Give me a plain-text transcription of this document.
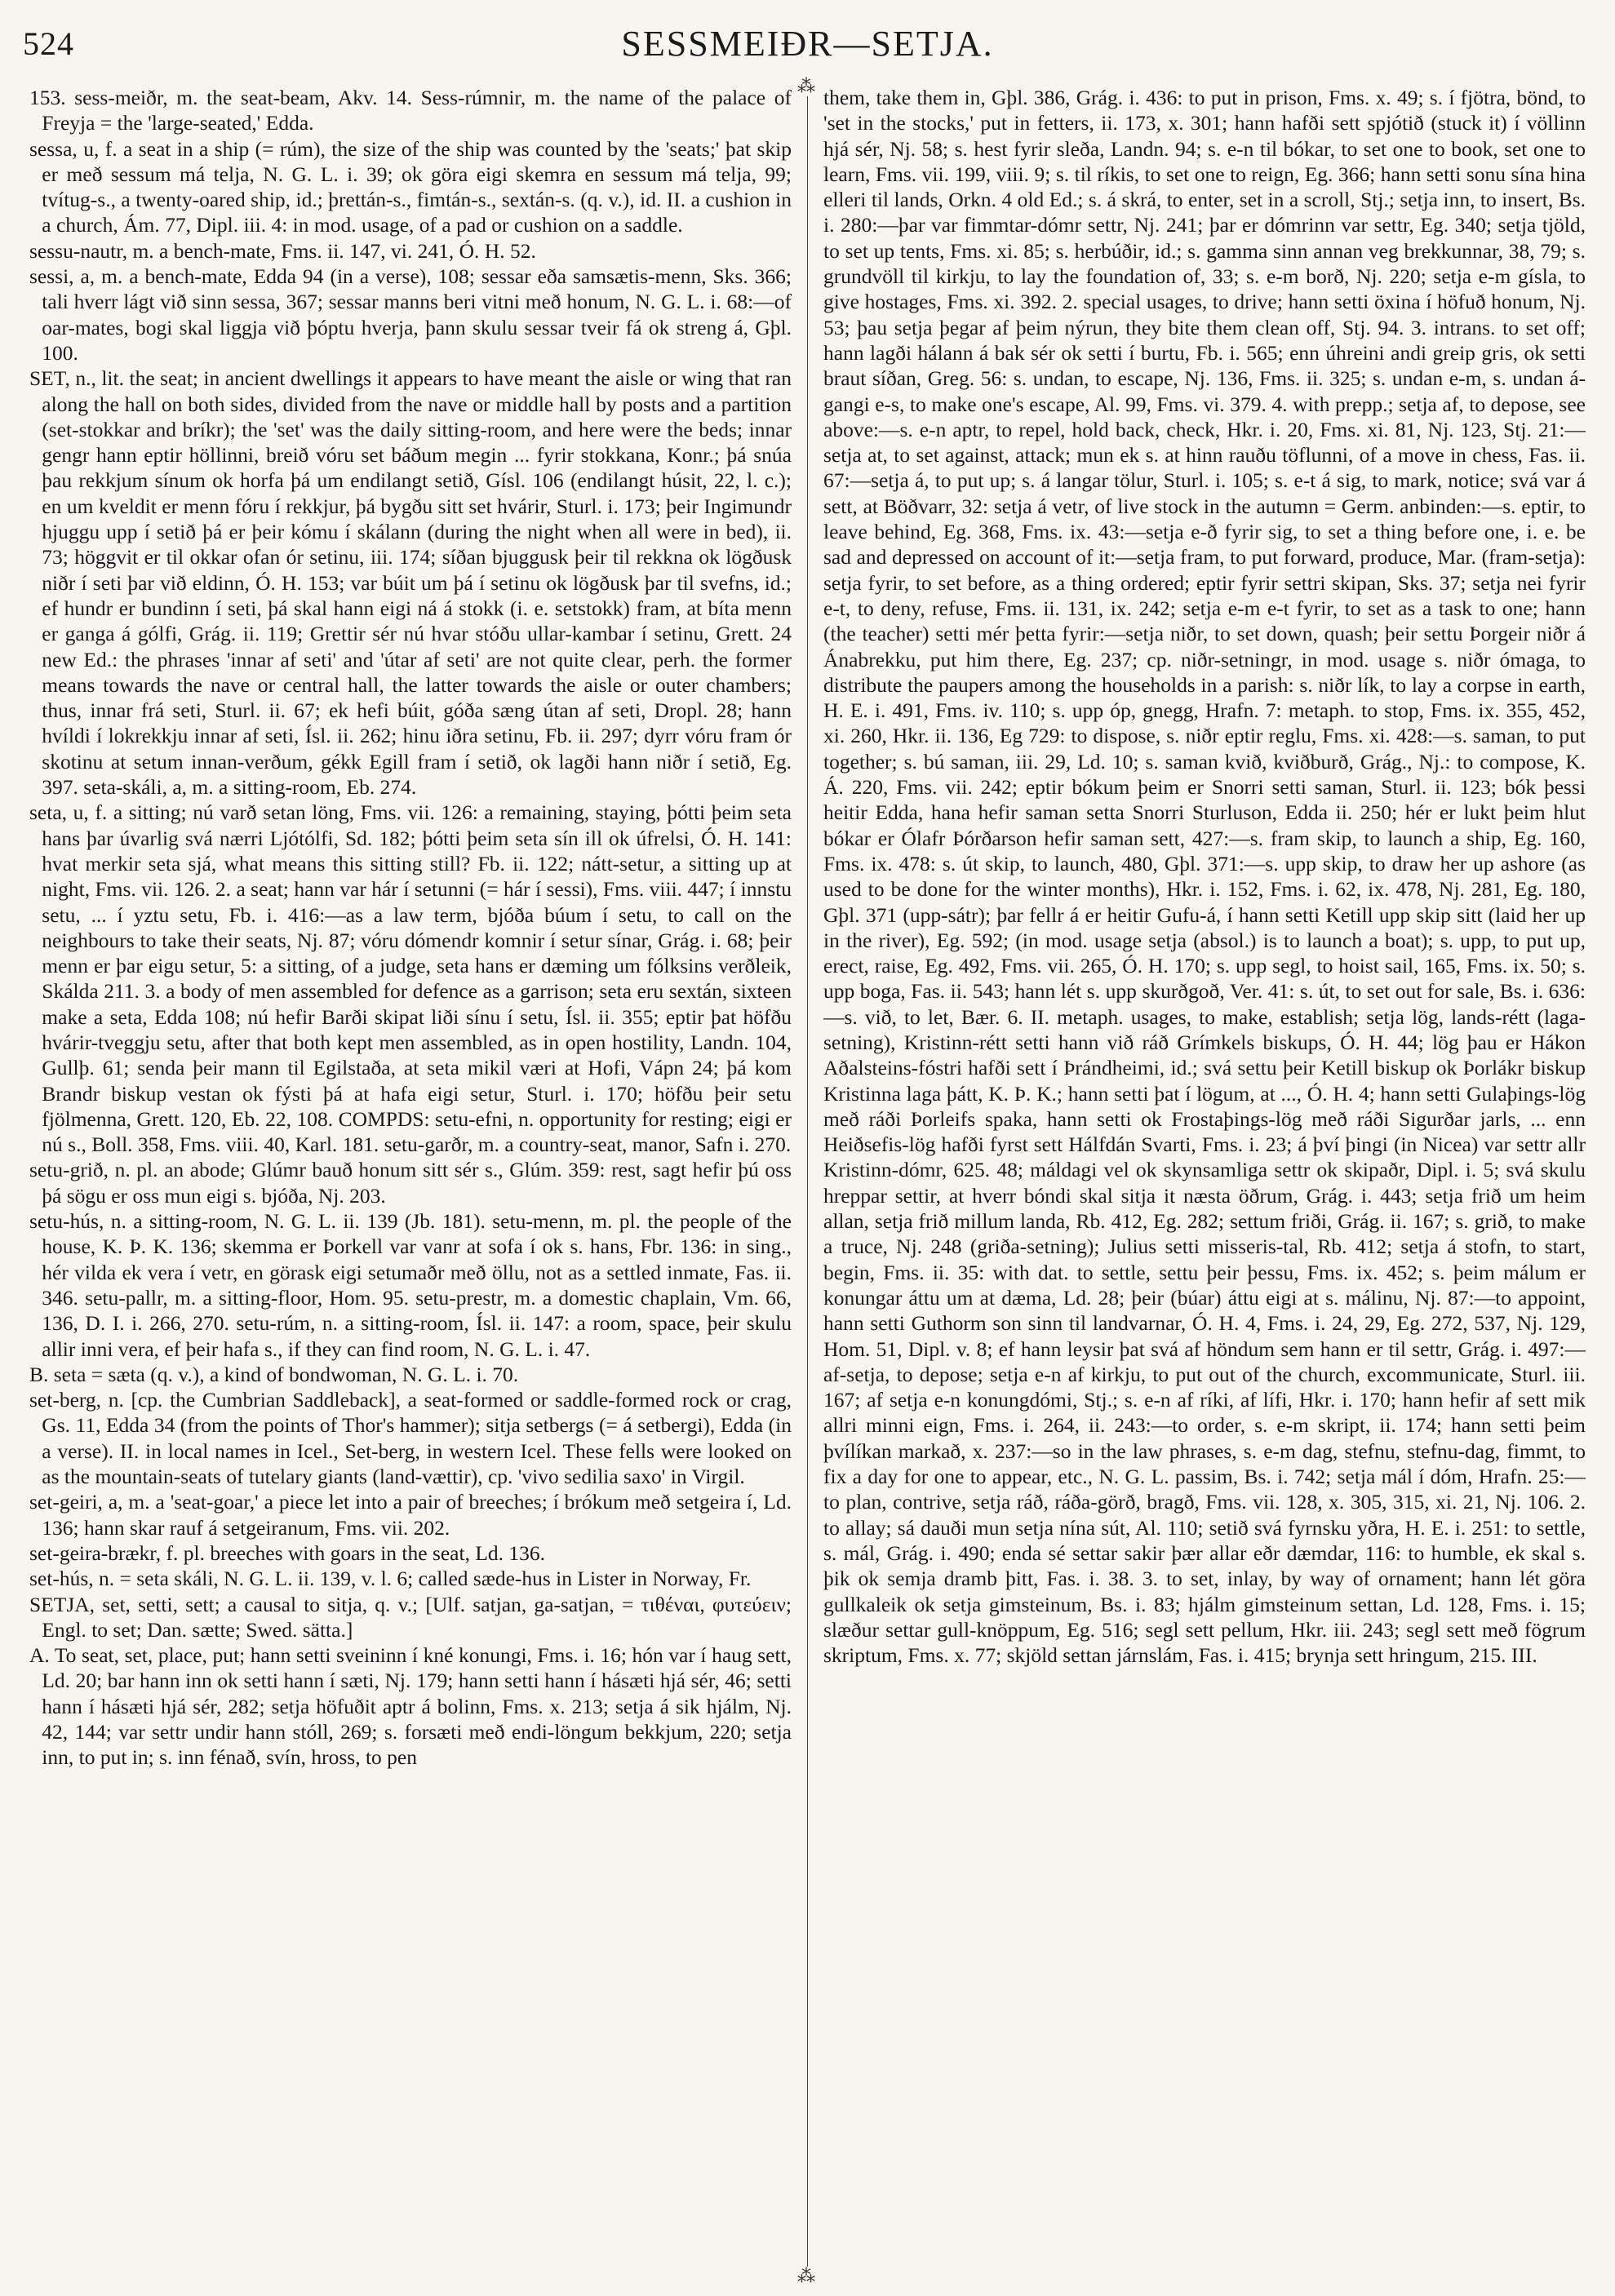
524	SESSMEIÐR—SETJA.
⁂
⁂

153. sess-meiðr, m. the seat-beam, Akv. 14. Sess-rúmnir, m. the name of the palace of Freyja = the 'large-seated,' Edda.

sessa, u, f. a seat in a ship (= rúm), the size of the ship was counted by the 'seats;' þat skip er með sessum má telja, N. G. L. i. 39; ok göra eigi skemra en sessum má telja, 99; tvítug-s., a twenty-oared ship, id.; þrettán-s., fimtán-s., sextán-s. (q. v.), id. II. a cushion in a church, Ám. 77, Dipl. iii. 4: in mod. usage, of a pad or cushion on a saddle.

sessu-nautr, m. a bench-mate, Fms. ii. 147, vi. 241, Ó. H. 52.

sessi, a, m. a bench-mate, Edda 94 (in a verse), 108; sessar eða samsætis-menn, Sks. 366; tali hverr lágt við sinn sessa, 367; sessar manns beri vitni með honum, N. G. L. i. 68:—of oar-mates, bogi skal liggja við þóptu hverja, þann skulu sessar tveir fá ok streng á, Gþl. 100.

SET, n., lit. the seat; in ancient dwellings it appears to have meant the aisle or wing that ran along the hall on both sides, divided from the nave or middle hall by posts and a partition (set-stokkar and bríkr); the 'set' was the daily sitting-room, and here were the beds; innar gengr hann eptir höllinni, breið vóru set báðum megin ... fyrir stokkana, Konr.; þá snúa þau rekkjum sínum ok horfa þá um endilangt setið, Gísl. 106 (endilangt húsit, 22, l. c.); en um kveldit er menn fóru í rekkjur, þá bygðu sitt set hvárir, Sturl. i. 173; þeir Ingimundr hjuggu upp í setið þá er þeir kómu í skálann (during the night when all were in bed), ii. 73; höggvit er til okkar ofan ór setinu, iii. 174; síðan bjuggusk þeir til rekkna ok lögðusk niðr í seti þar við eldinn, Ó. H. 153; var búit um þá í setinu ok lögðusk þar til svefns, id.; ef hundr er bundinn í seti, þá skal hann eigi ná á stokk (i. e. setstokk) fram, at bíta menn er ganga á gólfi, Grág. ii. 119; Grettir sér nú hvar stóðu ullar-kambar í setinu, Grett. 24 new Ed.: the phrases 'innar af seti' and 'útar af seti' are not quite clear, perh. the former means towards the nave or central hall, the latter towards the aisle or outer chambers; thus, innar frá seti, Sturl. ii. 67; ek hefi búit, góða sæng útan af seti, Dropl. 28; hann hvíldi í lokrekkju innar af seti, Ísl. ii. 262; hinu iðra setinu, Fb. ii. 297; dyrr vóru fram ór skotinu at setum innan-verðum, gékk Egill fram í setið, ok lagði hann niðr í setið, Eg. 397. seta-skáli, a, m. a sitting-room, Eb. 274.

seta, u, f. a sitting; nú varð setan löng, Fms. vii. 126: a remaining, staying, þótti þeim seta hans þar úvarlig svá nærri Ljótólfi, Sd. 182; þótti þeim seta sín ill ok úfrelsi, Ó. H. 141: hvat merkir seta sjá, what means this sitting still? Fb. ii. 122; nátt-setur, a sitting up at night, Fms. vii. 126. 2. a seat; hann var hár í setunni (= hár í sessi), Fms. viii. 447; í innstu setu, ... í yztu setu, Fb. i. 416:—as a law term, bjóða búum í setu, to call on the neighbours to take their seats, Nj. 87; vóru dómendr komnir í setur sínar, Grág. i. 68; þeir menn er þar eigu setur, 5: a sitting, of a judge, seta hans er dæming um fólksins verðleik, Skálda 211. 3. a body of men assembled for defence as a garrison; seta eru sextán, sixteen make a seta, Edda 108; nú hefir Barði skipat liði sínu í setu, Ísl. ii. 355; eptir þat höfðu hvárir-tveggju setu, after that both kept men assembled, as in open hostility, Landn. 104, Gullþ. 61; senda þeir mann til Egilstaða, at seta mikil væri at Hofi, Vápn 24; þá kom Brandr biskup vestan ok fýsti þá at hafa eigi setur, Sturl. i. 170; höfðu þeir setu fjölmenna, Grett. 120, Eb. 22, 108. COMPDS: setu-efni, n. opportunity for resting; eigi er nú s., Boll. 358, Fms. viii. 40, Karl. 181. setu-garðr, m. a country-seat, manor, Safn i. 270.

setu-grið, n. pl. an abode; Glúmr bauð honum sitt sér s., Glúm. 359: rest, sagt hefir þú oss þá sögu er oss mun eigi s. bjóða, Nj. 203.

setu-hús, n. a sitting-room, N. G. L. ii. 139 (Jb. 181). setu-menn, m. pl. the people of the house, K. Þ. K. 136; skemma er Þorkell var vanr at sofa í ok s. hans, Fbr. 136: in sing., hér vilda ek vera í vetr, en görask eigi setumaðr með öllu, not as a settled inmate, Fas. ii. 346. setu-pallr, m. a sitting-floor, Hom. 95. setu-prestr, m. a domestic chaplain, Vm. 66, 136, D. I. i. 266, 270. setu-rúm, n. a sitting-room, Ísl. ii. 147: a room, space, þeir skulu allir inni vera, ef þeir hafa s., if they can find room, N. G. L. i. 47.

B. seta = sæta (q. v.), a kind of bondwoman, N. G. L. i. 70.

set-berg, n. [cp. the Cumbrian Saddleback], a seat-formed or saddle-formed rock or crag, Gs. 11, Edda 34 (from the points of Thor's hammer); sitja setbergs (= á setbergi), Edda (in a verse). II. in local names in Icel., Set-berg, in western Icel. These fells were looked on as the mountain-seats of tutelary giants (land-vættir), cp. 'vivo sedilia saxo' in Virgil.

set-geiri, a, m. a 'seat-goar,' a piece let into a pair of breeches; í brókum með setgeira í, Ld. 136; hann skar rauf á setgeiranum, Fms. vii. 202.

set-geira-brækr, f. pl. breeches with goars in the seat, Ld. 136.

set-hús, n. = seta skáli, N. G. L. ii. 139, v. l. 6; called sæde-hus in Lister in Norway, Fr.

SETJA, set, setti, sett; a causal to sitja, q. v.; [Ulf. satjan, ga-satjan, = τιθέναι, φυτεύειν; Engl. to set; Dan. sætte; Swed. sätta.]

A. To seat, set, place, put; hann setti sveininn í kné konungi, Fms. i. 16; hón var í haug sett, Ld. 20; bar hann inn ok setti hann í sæti, Nj. 179; hann setti hann í hásæti hjá sér, 46; setti hann í hásæti hjá sér, 282; setja höfuðit aptr á bolinn, Fms. x. 213; setja á sik hjálm, Nj. 42, 144; var settr undir hann stóll, 269; s. forsæti með endi-löngum bekkjum, 220; setja inn, to put in; s. inn fénað, svín, hross, to pen

them, take them in, Gþl. 386, Grág. i. 436: to put in prison, Fms. x. 49; s. í fjötra, bönd, to 'set in the stocks,' put in fetters, ii. 173, x. 301; hann hafði sett spjótið (stuck it) í völlinn hjá sér, Nj. 58; s. hest fyrir sleða, Landn. 94; s. e-n til bókar, to set one to book, set one to learn, Fms. vii. 199, viii. 9; s. til ríkis, to set one to reign, Eg. 366; hann setti sonu sína hina elleri til lands, Orkn. 4 old Ed.; s. á skrá, to enter, set in a scroll, Stj.; setja inn, to insert, Bs. i. 280:—þar var fimmtar-dómr settr, Nj. 241; þar er dómrinn var settr, Eg. 340; setja tjöld, to set up tents, Fms. xi. 85; s. herbúðir, id.; s. gamma sinn annan veg brekkunnar, 38, 79; s. grundvöll til kirkju, to lay the foundation of, 33; s. e-m borð, Nj. 220; setja e-m gísla, to give hostages, Fms. xi. 392. 2. special usages, to drive; hann setti öxina í höfuð honum, Nj. 53; þau setja þegar af þeim nýrun, they bite them clean off, Stj. 94. 3. intrans. to set off; hann lagði hálann á bak sér ok setti í burtu, Fb. i. 565; enn úhreini andi greip gris, ok setti braut síðan, Greg. 56: s. undan, to escape, Nj. 136, Fms. ii. 325; s. undan e-m, s. undan á-gangi e-s, to make one's escape, Al. 99, Fms. vi. 379. 4. with prepp.; setja af, to depose, see above:—s. e-n aptr, to repel, hold back, check, Hkr. i. 20, Fms. xi. 81, Nj. 123, Stj. 21:—setja at, to set against, attack; mun ek s. at hinn rauðu töflunni, of a move in chess, Fas. ii. 67:—setja á, to put up; s. á langar tölur, Sturl. i. 105; s. e-t á sig, to mark, notice; svá var á sett, at Böðvarr, 32: setja á vetr, of live stock in the autumn = Germ. anbinden:—s. eptir, to leave behind, Eg. 368, Fms. ix. 43:—setja e-ð fyrir sig, to set a thing before one, i. e. be sad and depressed on account of it:—setja fram, to put forward, produce, Mar. (fram-setja): setja fyrir, to set before, as a thing ordered; eptir fyrir settri skipan, Sks. 37; setja nei fyrir e-t, to deny, refuse, Fms. ii. 131, ix. 242; setja e-m e-t fyrir, to set as a task to one; hann (the teacher) setti mér þetta fyrir:—setja niðr, to set down, quash; þeir settu Þorgeir niðr á Ánabrekku, put him there, Eg. 237; cp. niðr-setningr, in mod. usage s. niðr ómaga, to distribute the paupers among the households in a parish: s. niðr lík, to lay a corpse in earth, H. E. i. 491, Fms. iv. 110; s. upp óp, gnegg, Hrafn. 7: metaph. to stop, Fms. ix. 355, 452, xi. 260, Hkr. ii. 136, Eg 729: to dispose, s. niðr eptir reglu, Fms. xi. 428:—s. saman, to put together; s. bú saman, iii. 29, Ld. 10; s. saman kvið, kviðburð, Grág., Nj.: to compose, K. Á. 220, Fms. vii. 242; eptir bókum þeim er Snorri setti saman, Sturl. ii. 123; bók þessi heitir Edda, hana hefir saman setta Snorri Sturluson, Edda ii. 250; hér er lukt þeim hlut bókar er Ólafr Þórðarson hefir saman sett, 427:—s. fram skip, to launch a ship, Eg. 160, Fms. ix. 478: s. út skip, to launch, 480, Gþl. 371:—s. upp skip, to draw her up ashore (as used to be done for the winter months), Hkr. i. 152, Fms. i. 62, ix. 478, Nj. 281, Eg. 180, Gþl. 371 (upp-sátr); þar fellr á er heitir Gufu-á, í hann setti Ketill upp skip sitt (laid her up in the river), Eg. 592; (in mod. usage setja (absol.) is to launch a boat); s. upp, to put up, erect, raise, Eg. 492, Fms. vii. 265, Ó. H. 170; s. upp segl, to hoist sail, 165, Fms. ix. 50; s. upp boga, Fas. ii. 543; hann lét s. upp skurðgoð, Ver. 41: s. út, to set out for sale, Bs. i. 636:—s. við, to let, Bær. 6. II. metaph. usages, to make, establish; setja lög, lands-rétt (laga-setning), Kristinn-rétt setti hann við ráð Grímkels biskups, Ó. H. 44; lög þau er Hákon Aðalsteins-fóstri hafði sett í Þrándheimi, id.; svá settu þeir Ketill biskup ok Þorlákr biskup Kristinna laga þátt, K. Þ. K.; hann setti þat í lögum, at ..., Ó. H. 4; hann setti Gulaþings-lög með ráði Þorleifs spaka, hann setti ok Frostaþings-lög með ráði Sigurðar jarls, ... enn Heiðsefis-lög hafði fyrst sett Hálfdán Svarti, Fms. i. 23; á því þingi (in Nicea) var settr allr Kristinn-dómr, 625. 48; máldagi vel ok skynsamliga settr ok skipaðr, Dipl. i. 5; svá skulu hreppar settir, at hverr bóndi skal sitja it næsta öðrum, Grág. i. 443; setja frið um heim allan, setja frið millum landa, Rb. 412, Eg. 282; settum friði, Grág. ii. 167; s. grið, to make a truce, Nj. 248 (griða-setning); Julius setti misseris-tal, Rb. 412; setja á stofn, to start, begin, Fms. ii. 35: with dat. to settle, settu þeir þessu, Fms. ix. 452; s. þeim málum er konungar áttu um at dæma, Ld. 28; þeir (búar) áttu eigi at s. málinu, Nj. 87:—to appoint, hann setti Guthorm son sinn til landvarnar, Ó. H. 4, Fms. i. 24, 29, Eg. 272, 537, Nj. 129, Hom. 51, Dipl. v. 8; ef hann leysir þat svá af höndum sem hann er til settr, Grág. i. 497:—af-setja, to depose; setja e-n af kirkju, to put out of the church, excommunicate, Sturl. iii. 167; af setja e-n konungdómi, Stj.; s. e-n af ríki, af lífi, Hkr. i. 170; hann hefir af sett mik allri minni eign, Fms. i. 264, ii. 243:—to order, s. e-m skript, ii. 174; hann setti þeim þvílíkan markað, x. 237:—so in the law phrases, s. e-m dag, stefnu, stefnu-dag, fimmt, to fix a day for one to appear, etc., N. G. L. passim, Bs. i. 742; setja mál í dóm, Hrafn. 25:—to plan, contrive, setja ráð, ráða-görð, bragð, Fms. vii. 128, x. 305, 315, xi. 21, Nj. 106. 2. to allay; sá dauði mun setja nína sút, Al. 110; setið svá fyrnsku yðra, H. E. i. 251: to settle, s. mál, Grág. i. 490; enda sé settar sakir þær allar eðr dæmdar, 116: to humble, ek skal s. þik ok semja dramb þitt, Fas. i. 38. 3. to set, inlay, by way of ornament; hann lét göra gullkaleik ok setja gimsteinum, Bs. i. 83; hjálm gimsteinum settan, Ld. 128, Fms. i. 15; slæður settar gull-knöppum, Eg. 516; segl sett pellum, Hkr. iii. 243; segl sett með fögrum skriptum, Fms. x. 77; skjöld settan járnslám, Fas. i. 415; brynja sett hringum, 215. III.
